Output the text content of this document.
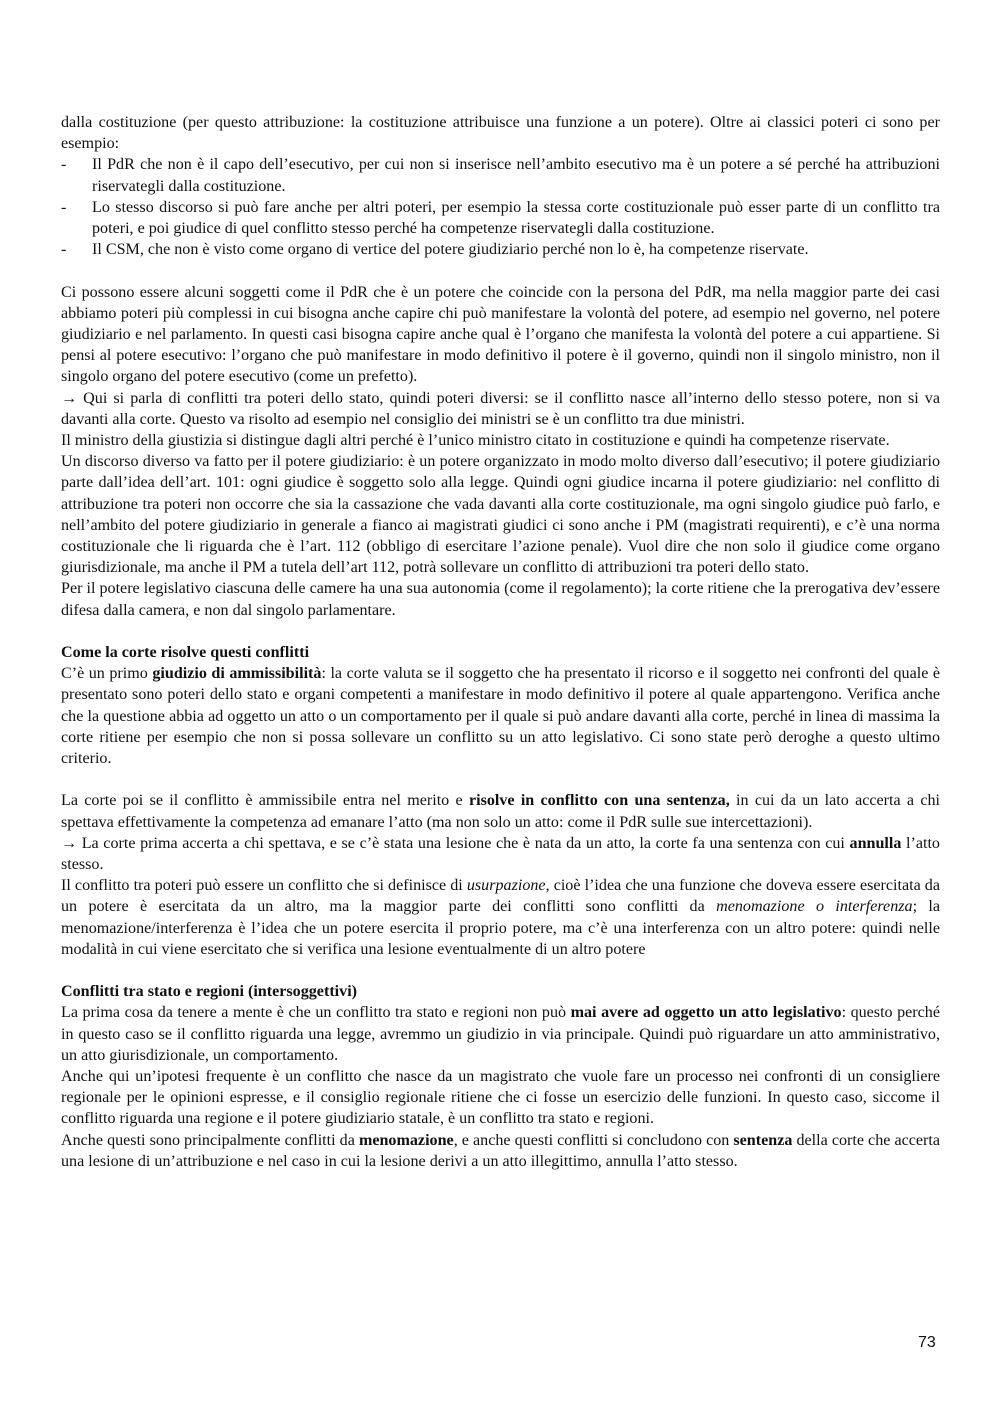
dalla costituzione (per questo attribuzione: la costituzione attribuisce una funzione a un potere). Oltre ai classici poteri ci sono per esempio:

- Il PdR che non è il capo dell’esecutivo, per cui non si inserisce nell’ambito esecutivo ma è un potere a sé perché ha attribuzioni riservategli dalla costituzione.
- Lo stesso discorso si può fare anche per altri poteri, per esempio la stessa corte costituzionale può esser parte di un conflitto tra poteri, e poi giudice di quel conflitto stesso perché ha competenze riservategli dalla costituzione.
- Il CSM, che non è visto come organo di vertice del potere giudiziario perché non lo è, ha competenze riservate.

Ci possono essere alcuni soggetti come il PdR che è un potere che coincide con la persona del PdR, ma nella maggior parte dei casi abbiamo poteri più complessi in cui bisogna anche capire chi può manifestare la volontà del potere, ad esempio nel governo, nel potere giudiziario e nel parlamento. In questi casi bisogna capire anche qual è l’organo che manifesta la volontà del potere a cui appartiene. Si pensi al potere esecutivo: l’organo che può manifestare in modo definitivo il potere è il governo, quindi non il singolo ministro, non il singolo organo del potere esecutivo (come un prefetto).

→ Qui si parla di conflitti tra poteri dello stato, quindi poteri diversi: se il conflitto nasce all’interno dello stesso potere, non si va davanti alla corte. Questo va risolto ad esempio nel consiglio dei ministri se è un conflitto tra due ministri.

Il ministro della giustizia si distingue dagli altri perché è l’unico ministro citato in costituzione e quindi ha competenze riservate.

Un discorso diverso va fatto per il potere giudiziario: è un potere organizzato in modo molto diverso dall’esecutivo; il potere giudiziario parte dall’idea dell’art. 101: ogni giudice è soggetto solo alla legge. Quindi ogni giudice incarna il potere giudiziario: nel conflitto di attribuzione tra poteri non occorre che sia la cassazione che vada davanti alla corte costituzionale, ma ogni singolo giudice può farlo, e nell’ambito del potere giudiziario in generale a fianco ai magistrati giudici ci sono anche i PM (magistrati requirenti), e c’è una norma costituzionale che li riguarda che è l’art. 112 (obbligo di esercitare l’azione penale). Vuol dire che non solo il giudice come organo giurisdizionale, ma anche il PM a tutela dell’art 112, potrà sollevare un conflitto di attribuzioni tra poteri dello stato.

Per il potere legislativo ciascuna delle camere ha una sua autonomia (come il regolamento); la corte ritiene che la prerogativa dev’essere difesa dalla camera, e non dal singolo parlamentare.

Come la corte risolve questi conflitti

C’è un primo giudizio di ammissibilità: la corte valuta se il soggetto che ha presentato il ricorso e il soggetto nei confronti del quale è presentato sono poteri dello stato e organi competenti a manifestare in modo definitivo il potere al quale appartengono. Verifica anche che la questione abbia ad oggetto un atto o un comportamento per il quale si può andare davanti alla corte, perché in linea di massima la corte ritiene per esempio che non si possa sollevare un conflitto su un atto legislativo. Ci sono state però deroghe a questo ultimo criterio.

La corte poi se il conflitto è ammissibile entra nel merito e risolve in conflitto con una sentenza, in cui da un lato accerta a chi spettava effettivamente la competenza ad emanare l’atto (ma non solo un atto: come il PdR sulle sue intercettazioni).

→ La corte prima accerta a chi spettava, e se c’è stata una lesione che è nata da un atto, la corte fa una sentenza con cui annulla l’atto stesso.

Il conflitto tra poteri può essere un conflitto che si definisce di usurpazione, cioè l’idea che una funzione che doveva essere esercitata da un potere è esercitata da un altro, ma la maggior parte dei conflitti sono conflitti da menomazione o interferenza; la menomazione/interferenza è l’idea che un potere esercita il proprio potere, ma c’è una interferenza con un altro potere: quindi nelle modalità in cui viene esercitato che si verifica una lesione eventualmente di un altro potere

Conflitti tra stato e regioni (intersoggettivi)

La prima cosa da tenere a mente è che un conflitto tra stato e regioni non può mai avere ad oggetto un atto legislativo: questo perché in questo caso se il conflitto riguarda una legge, avremmo un giudizio in via principale. Quindi può riguardare un atto amministrativo, un atto giurisdizionale, un comportamento.

Anche qui un’ipotesi frequente è un conflitto che nasce da un magistrato che vuole fare un processo nei confronti di un consigliere regionale per le opinioni espresse, e il consiglio regionale ritiene che ci fosse un esercizio delle funzioni. In questo caso, siccome il conflitto riguarda una regione e il potere giudiziario statale, è un conflitto tra stato e regioni.

Anche questi sono principalmente conflitti da menomazione, e anche questi conflitti si concludono con sentenza della corte che accerta una lesione di un’attribuzione e nel caso in cui la lesione derivi a un atto illegittimo, annulla l’atto stesso.

73
